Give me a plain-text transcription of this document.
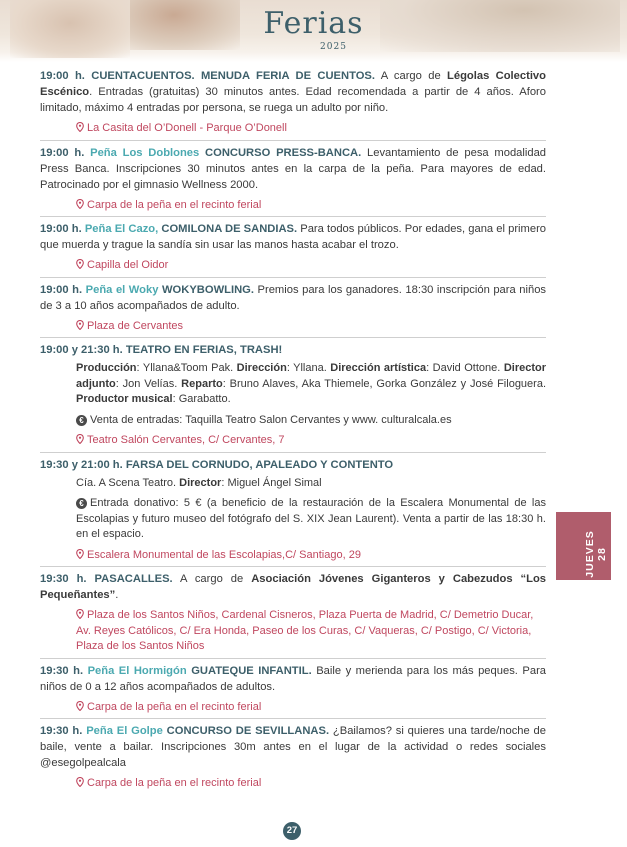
Ferias
2025

19:00 h. CUENTACUENTOS. MENUDA FERIA DE CUENTOS. A cargo de Légolas Colectivo Escénico. Entradas (gratuitas) 30 minutos antes. Edad recomendada a partir de 4 años. Aforo limitado, máximo 4 entradas por persona, se ruega un adulto por niño.

La Casita del O’Donell - Parque O’Donell

19:00 h. Peña Los Doblones CONCURSO PRESS-BANCA. Levantamiento de pesa modalidad Press Banca. Inscripciones 30 minutos antes en la carpa de la peña. Para mayores de edad. Patrocinado por el gimnasio Wellness 2000.

Carpa de la peña en el recinto ferial

19:00 h. Peña El Cazo, COMILONA DE SANDIAS. Para todos públicos. Por edades, gana el primero que muerda y trague la sandía sin usar las manos hasta acabar el trozo.

Capilla del Oidor

19:00 h. Peña el Woky WOKYBOWLING. Premios para los ganadores. 18:30 inscripción para niños de 3 a 10 años acompañados de adulto.

Plaza de Cervantes

19:00 y 21:30 h. TEATRO EN FERIAS, TRASH!

Producción: Yllana&Toom Pak. Dirección: Yllana. Dirección artística: David Ottone. Director adjunto: Jon Velías. Reparto: Bruno Alaves, Aka Thiemele, Gorka González y José Filoguera. Productor musical: Garabatto.

€ Venta de entradas: Taquilla Teatro Salon Cervantes y www. culturalcala.es

Teatro Salón Cervantes, C/ Cervantes, 7

19:30 y 21:00 h. FARSA DEL CORNUDO, APALEADO Y CONTENTO

Cía. A Scena Teatro. Director: Miguel Ángel Simal

€ Entrada donativo: 5 € (a beneficio de la restauración de la Escalera Monumental de las Escolapias y futuro museo del fotógrafo del S. XIX Jean Laurent). Venta a partir de las 18:30 h. en el espacio.

Escalera Monumental de las Escolapias,C/ Santiago, 29

19:30 h. PASACALLES. A cargo de Asociación Jóvenes Giganteros y Cabezudos “Los Pequeñantes”.

Plaza de los Santos Niños, Cardenal Cisneros, Plaza Puerta de Madrid, C/ Demetrio Ducar, Av. Reyes Católicos, C/ Era Honda, Paseo de los Curas, C/ Vaqueras, C/ Postigo, C/ Victoria, Plaza de los Santos Niños

19:30 h. Peña El Hormigón GUATEQUE INFANTIL. Baile y merienda para los más peques. Para niños de 0 a 12 años acompañados de adultos.

Carpa de la peña en el recinto ferial

19:30 h. Peña El Golpe CONCURSO DE SEVILLANAS. ¿Bailamos? si quieres una tarde/noche de baile, vente a bailar. Inscripciones 30m antes en el lugar de la actividad o redes sociales @esegolpealcala

Carpa de la peña en el recinto ferial
JUEVES 28
27
